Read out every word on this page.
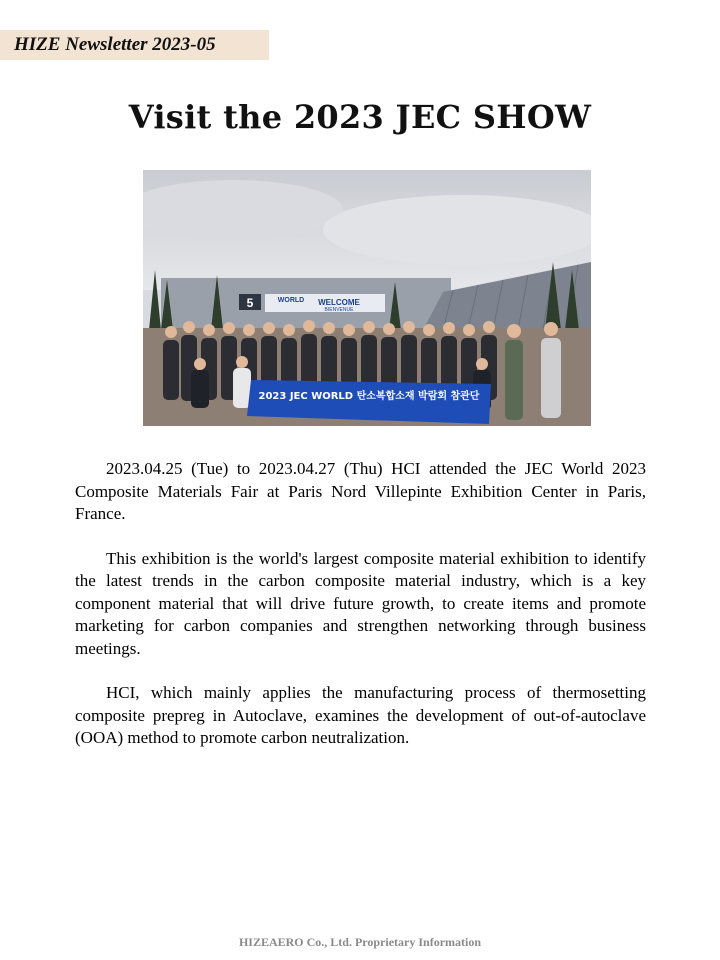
HIZE Newsletter 2023-05
Visit the 2023 JEC SHOW
5	WORLD WELCOME
BIENVENUE
2023 JEC WORLD 탄소복합소재 박람회 참관단

2023.04.25 (Tue) to 2023.04.27 (Thu) HCI attended the JEC World 2023 Composite Materials Fair at Paris Nord Villepinte Exhibition Center in Paris, France.

This exhibition is the world's largest composite material exhibition to identify the latest trends in the carbon composite material industry, which is a key component material that will drive future growth, to create items and promote marketing for carbon companies and strengthen networking through business meetings.

HCI, which mainly applies the manufacturing process of thermosetting composite prepreg in Autoclave, examines the development of out-of-autoclave (OOA) method to promote carbon neutralization.

HIZEAERO Co., Ltd. Proprietary Information
